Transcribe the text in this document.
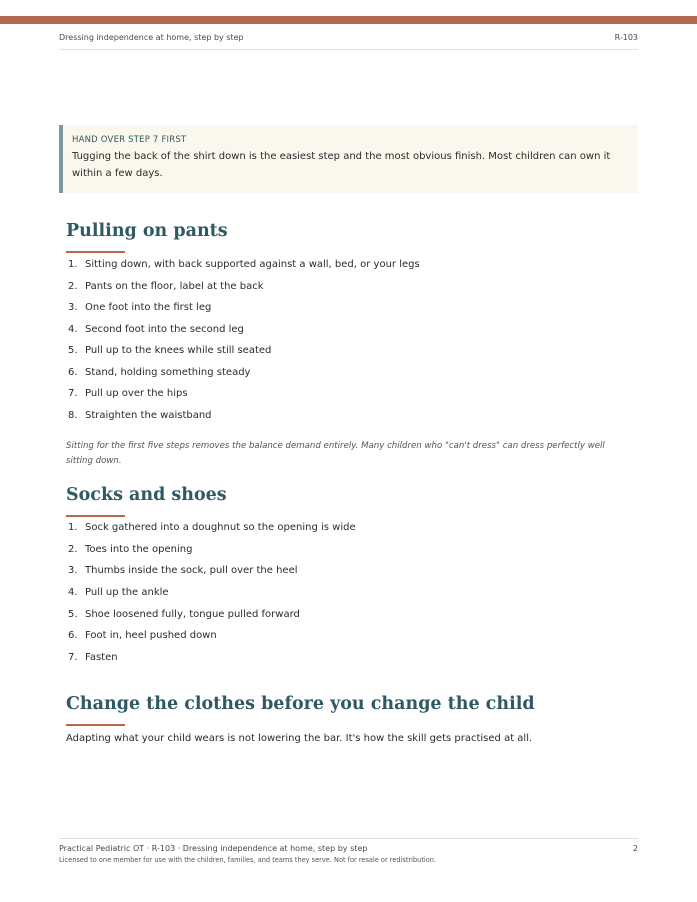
Dressing independence at home, step by step	R-103
HAND OVER STEP 7 FIRST
Tugging the back of the shirt down is the easiest step and the most obvious finish. Most children can own it within a few days.
Pulling on pants
1. Sitting down, with back supported against a wall, bed, or your legs
2. Pants on the floor, label at the back
3. One foot into the first leg
4. Second foot into the second leg
5. Pull up to the knees while still seated
6. Stand, holding something steady
7. Pull up over the hips
8. Straighten the waistband

Sitting for the first five steps removes the balance demand entirely. Many children who "can't dress" can dress perfectly well sitting down.

Socks and shoes
1. Sock gathered into a doughnut so the opening is wide
2. Toes into the opening
3. Thumbs inside the sock, pull over the heel
4. Pull up the ankle
5. Shoe loosened fully, tongue pulled forward
6. Foot in, heel pushed down
7. Fasten
Change the clothes before you change the child

Adapting what your child wears is not lowering the bar. It's how the skill gets practised at all.

Practical Pediatric OT · R-103 · Dressing independence at home, step by step	2
Licensed to one member for use with the children, families, and teams they serve. Not for resale or redistribution.
